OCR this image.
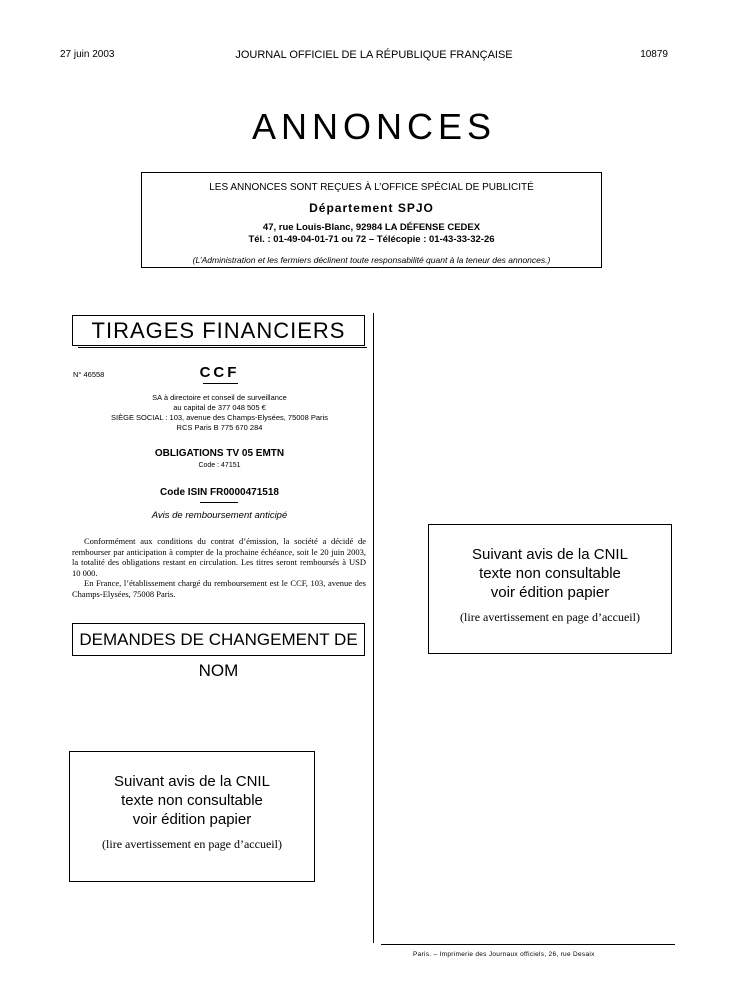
27 juin 2003	JOURNAL OFFICIEL DE LA RÉPUBLIQUE FRANÇAISE	10879
ANNONCES
LES ANNONCES SONT REÇUES À L’OFFICE SPÉCIAL DE PUBLICITÉ
Département SPJO
47, rue Louis-Blanc, 92984 LA DÉFENSE CEDEX
Tél. : 01-49-04-01-71 ou 72 – Télécopie : 01-43-33-32-26
(L’Administration et les fermiers déclinent toute responsabilité quant à la teneur des annonces.)
TIRAGES FINANCIERS
N° 46558	CCF
SA à directoire et conseil de surveillance
au capital de 377 048 505 €
SIÈGE SOCIAL : 103, avenue des Champs-Elysées, 75008 Paris
RCS Paris B 775 670 284
OBLIGATIONS TV 05 EMTN
Code : 47151
Code ISIN FR0000471518
Avis de remboursement anticipé

Conformément aux conditions du contrat d’émission, la société a décidé de rembourser par anticipation à compter de la prochaine échéance, soit le 20 juin 2003, la totalité des obligations restant en circulation. Les titres seront remboursés à USD 10 000.

En France, l’établissement chargé du remboursement est le CCF, 103, avenue des Champs-Elysées, 75008 Paris.

DEMANDES DE CHANGEMENT DE NOM
Suivant avis de la CNIL
texte non consultable
voir édition papier
(lire avertissement en page d’accueil)
Suivant avis de la CNIL
texte non consultable
voir édition papier
(lire avertissement en page d’accueil)
Paris. – Imprimerie des Journaux officiels, 26, rue Desaix
